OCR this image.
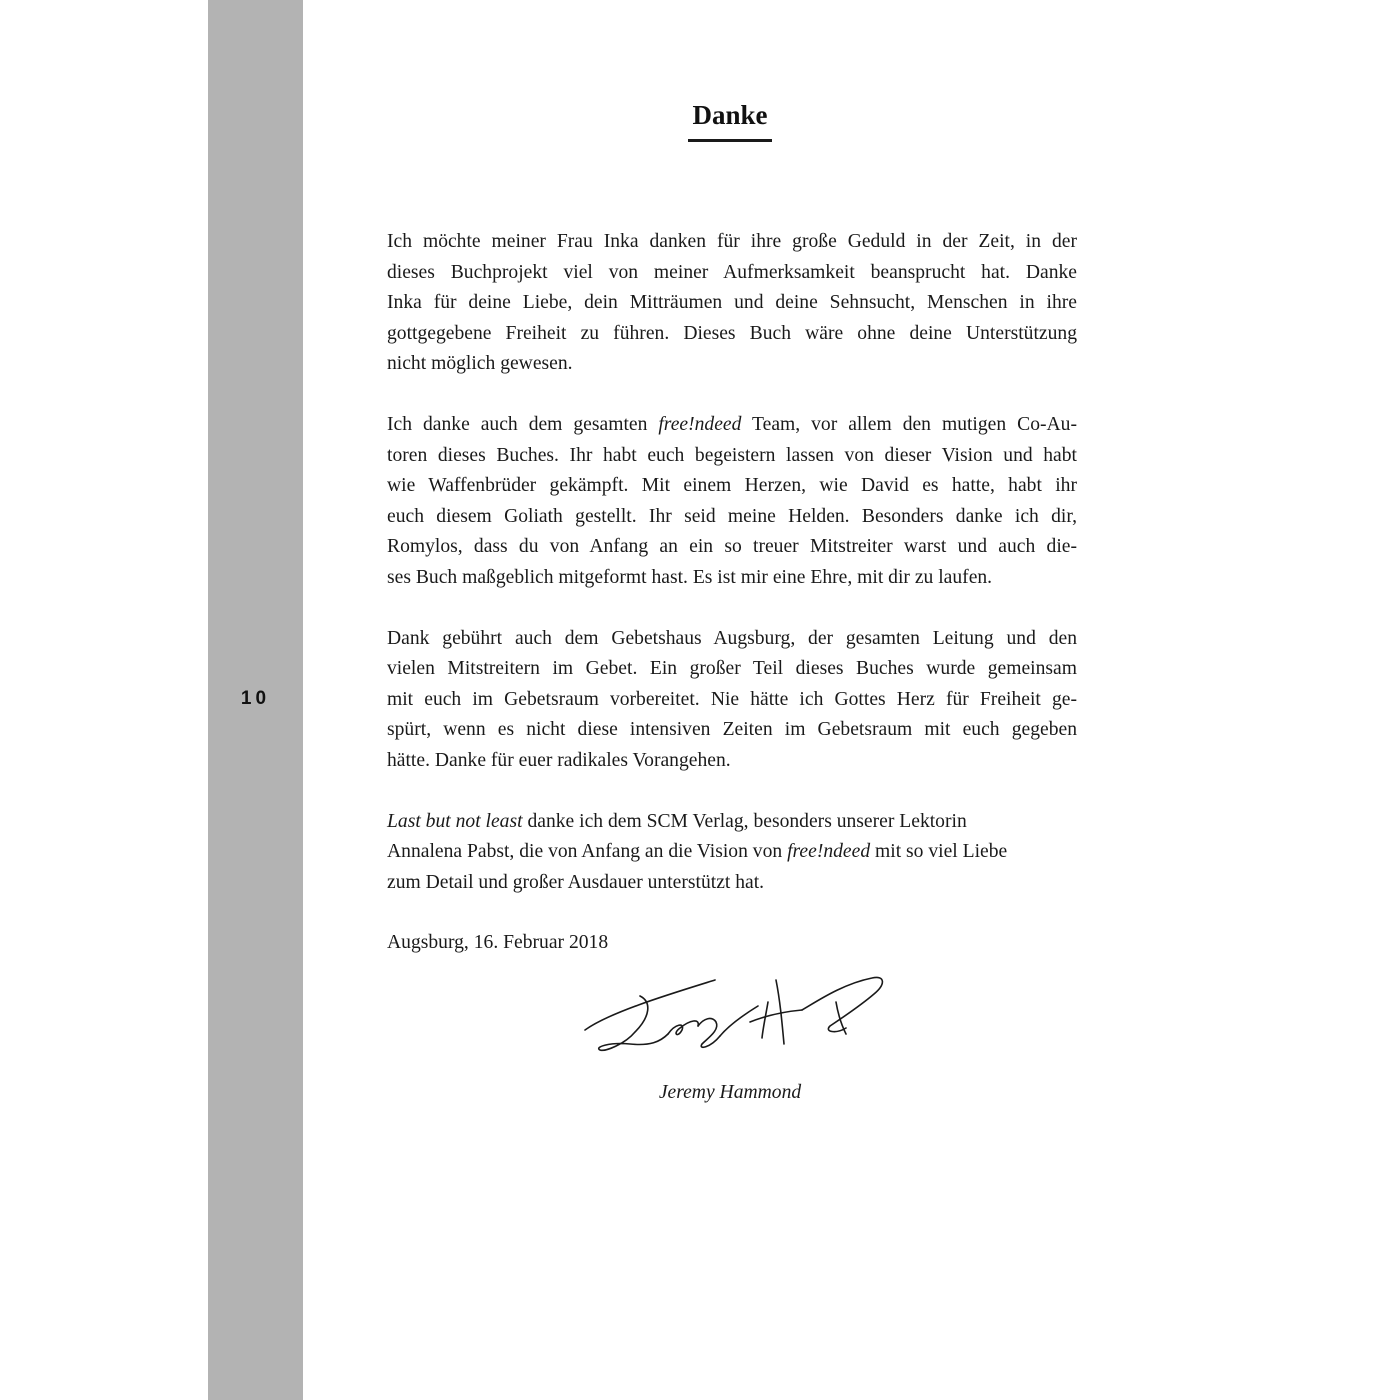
10
Danke

Ich möchte meiner Frau Inka danken für ihre große Geduld in der Zeit, in der
dieses Buchprojekt viel von meiner Aufmerksamkeit beansprucht hat. Danke
Inka für deine Liebe, dein Mitträumen und deine Sehnsucht, Menschen in ihre
gottgegebene Freiheit zu führen. Dieses Buch wäre ohne deine Unterstützung
nicht möglich gewesen.

Ich danke auch dem gesamten free!ndeed Team, vor allem den mutigen Co-Au-
toren dieses Buches. Ihr habt euch begeistern lassen von dieser Vision und habt
wie Waffenbrüder gekämpft. Mit einem Herzen, wie David es hatte, habt ihr
euch diesem Goliath gestellt. Ihr seid meine Helden. Besonders danke ich dir,
Romylos, dass du von Anfang an ein so treuer Mitstreiter warst und auch die-
ses Buch maßgeblich mitgeformt hast. Es ist mir eine Ehre, mit dir zu laufen.

Dank gebührt auch dem Gebetshaus Augsburg, der gesamten Leitung und den
vielen Mitstreitern im Gebet. Ein großer Teil dieses Buches wurde gemeinsam
mit euch im Gebetsraum vorbereitet. Nie hätte ich Gottes Herz für Freiheit ge-
spürt, wenn es nicht diese intensiven Zeiten im Gebetsraum mit euch gegeben
hätte. Danke für euer radikales Vorangehen.

Last but not least danke ich dem SCM Verlag, besonders unserer Lektorin
Annalena Pabst, die von Anfang an die Vision von free!ndeed mit so viel Liebe
zum Detail und großer Ausdauer unterstützt hat.

Augsburg, 16. Februar 2018
Jeremy Hammond
